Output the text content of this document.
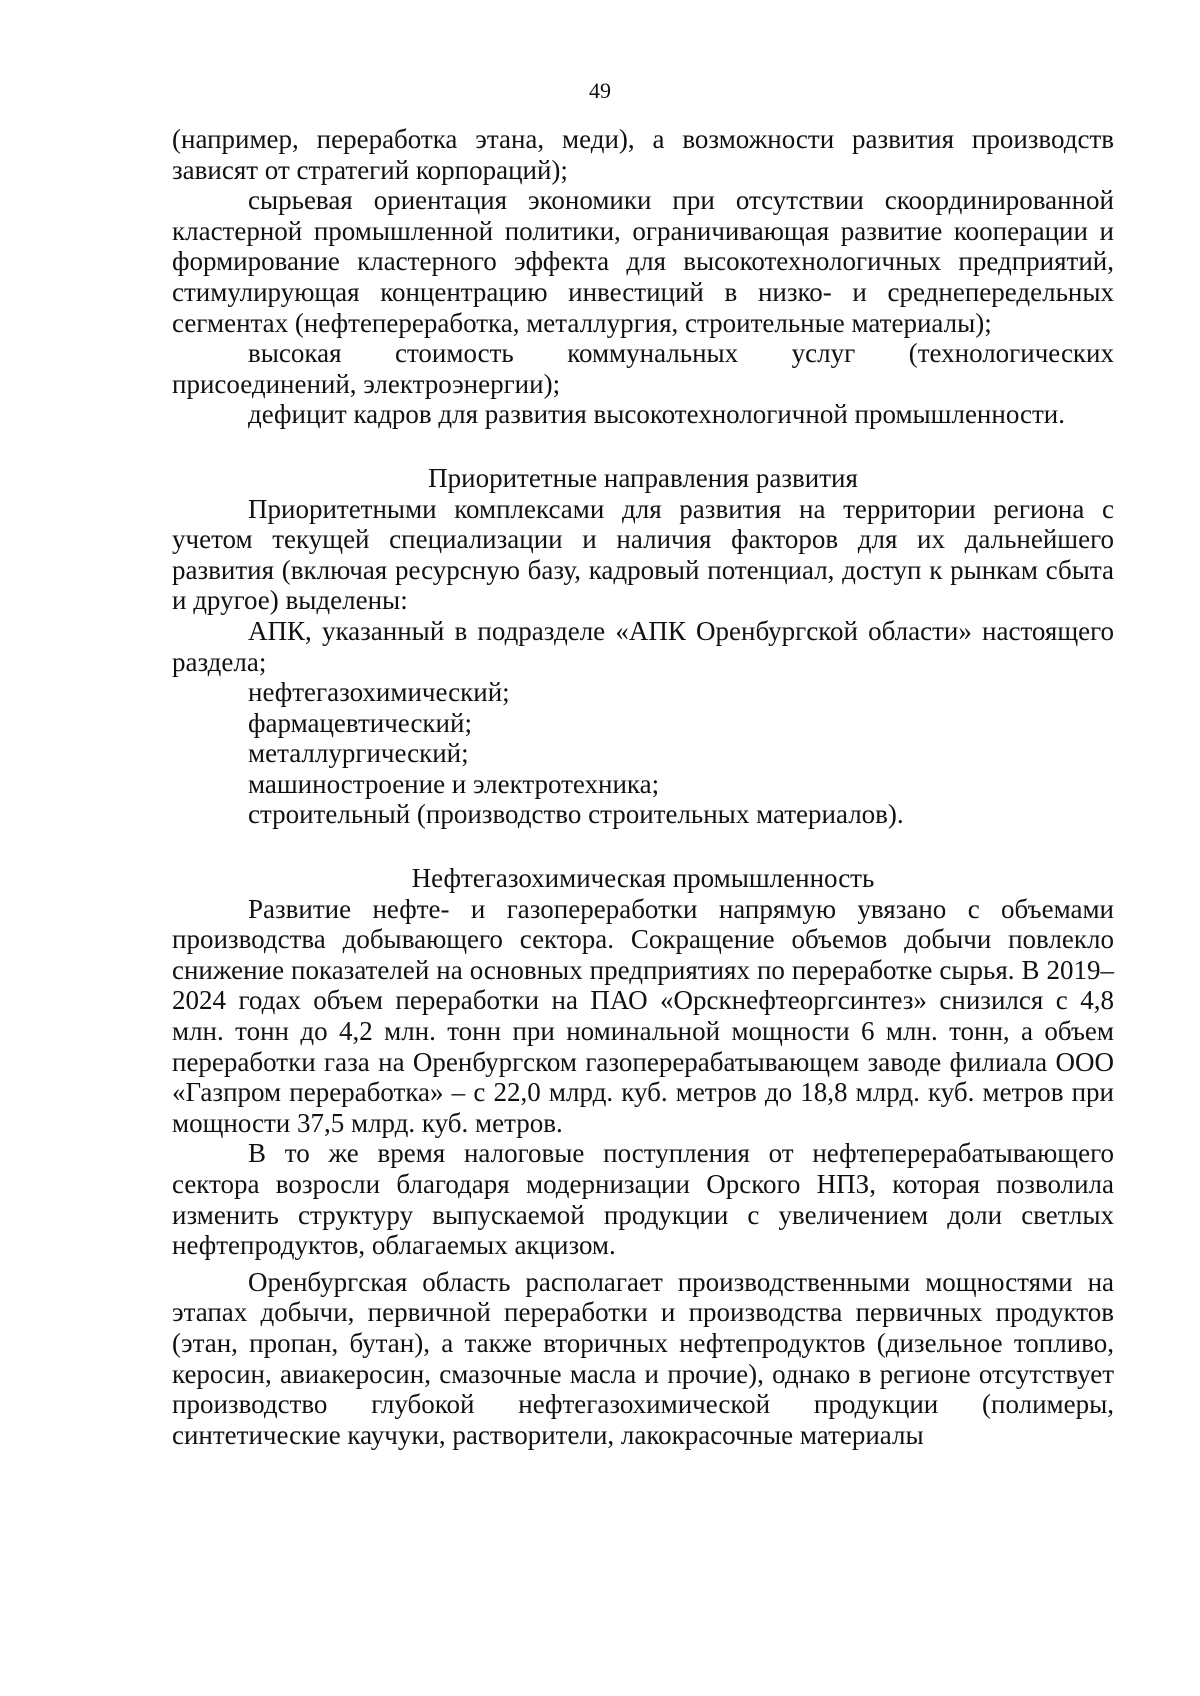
49

(например, переработка этана, меди), а возможности развития производств зависят от стратегий корпораций);

сырьевая ориентация экономики при отсутствии скоординированной кластерной промышленной политики, ограничивающая развитие кооперации и формирование кластерного эффекта для высокотехнологичных предприятий, стимулирующая концентрацию инвестиций в низко- и среднепередельных сегментах (нефтепереработка, металлургия, строительные материалы);

высокая стоимость коммунальных услуг (технологических присоединений, электроэнергии);

дефицит кадров для развития высокотехнологичной промышленности.

Приоритетные направления развития

Приоритетными комплексами для развития на территории региона с учетом текущей специализации и наличия факторов для их дальнейшего развития (включая ресурсную базу, кадровый потенциал, доступ к рынкам сбыта и другое) выделены:

АПК, указанный в подразделе «АПК Оренбургской области» настоящего раздела;

нефтегазохимический;

фармацевтический;

металлургический;

машиностроение и электротехника;

строительный (производство строительных материалов).

Нефтегазохимическая промышленность

Развитие нефте- и газопереработки напрямую увязано с объемами производства добывающего сектора. Сокращение объемов добычи повлекло снижение показателей на основных предприятиях по переработке сырья. В 2019–2024 годах объем переработки на ПАО «Орскнефтеоргсинтез» снизился с 4,8 млн. тонн до 4,2 млн. тонн при номинальной мощности 6 млн. тонн, а объем переработки газа на Оренбургском газоперерабатывающем заводе филиала ООО «Газпром переработка» – с 22,0 млрд. куб. метров до 18,8 млрд. куб. метров при мощности 37,5 млрд. куб. метров.

В то же время налоговые поступления от нефтеперерабатывающего сектора возросли благодаря модернизации Орского НПЗ, которая позволила изменить структуру выпускаемой продукции с увеличением доли светлых нефтепродуктов, облагаемых акцизом.

Оренбургская область располагает производственными мощностями на этапах добычи, первичной переработки и производства первичных продуктов (этан, пропан, бутан), а также вторичных нефтепродуктов (дизельное топливо, керосин, авиакеросин, смазочные масла и прочие), однако в регионе отсутствует производство глубокой нефтегазохимической продукции (полимеры, синтетические каучуки, растворители, лакокрасочные материалы
